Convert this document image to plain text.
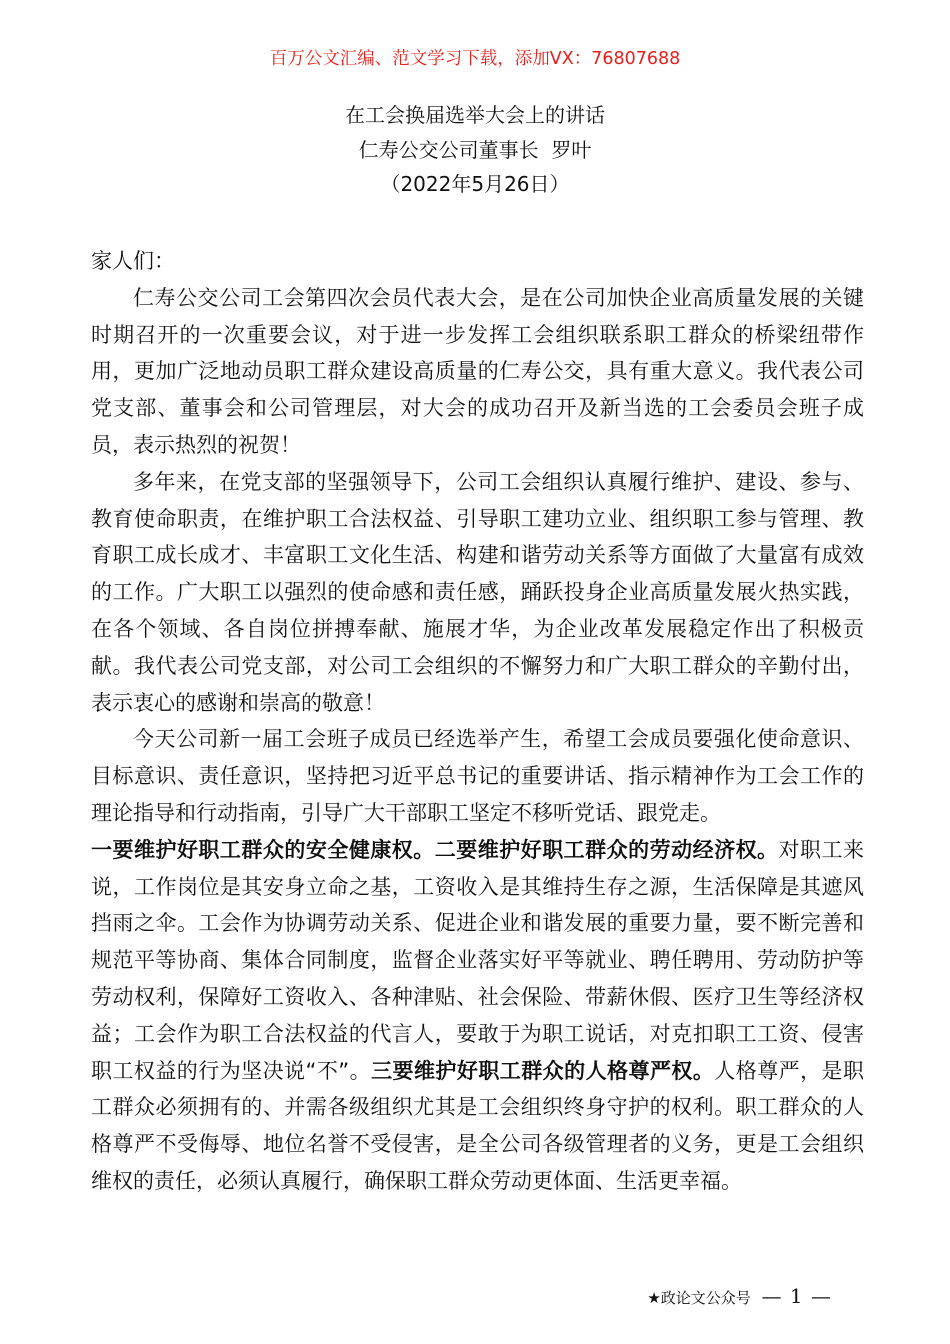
百万公文汇编、范文学习下载，添加VX：76807688
在工会换届选举大会上的讲话
仁寿公交公司董事长  罗叶
（2022年5月26日）

家人们：

仁寿公交公司工会第四次会员代表大会，是在公司加快企业高质量发展的关键时期召开的一次重要会议，对于进一步发挥工会组织联系职工群众的桥梁纽带作用，更加广泛地动员职工群众建设高质量的仁寿公交，具有重大意义。我代表公司党支部、董事会和公司管理层，对大会的成功召开及新当选的工会委员会班子成员，表示热烈的祝贺！

多年来，在党支部的坚强领导下，公司工会组织认真履行维护、建设、参与、教育使命职责，在维护职工合法权益、引导职工建功立业、组织职工参与管理、教育职工成长成才、丰富职工文化生活、构建和谐劳动关系等方面做了大量富有成效的工作。广大职工以强烈的使命感和责任感，踊跃投身企业高质量发展火热实践，在各个领域、各自岗位拼搏奉献、施展才华，为企业改革发展稳定作出了积极贡献。我代表公司党支部，对公司工会组织的不懈努力和广大职工群众的辛勤付出，表示衷心的感谢和崇高的敬意！

今天公司新一届工会班子成员已经选举产生，希望工会成员要强化使命意识、目标意识、责任意识，坚持把习近平总书记的重要讲话、指示精神作为工会工作的理论指导和行动指南，引导广大干部职工坚定不移听党话、跟党走。

一要维护好职工群众的安全健康权。二要维护好职工群众的劳动经济权。对职工来说，工作岗位是其安身立命之基，工资收入是其维持生存之源，生活保障是其遮风挡雨之伞。工会作为协调劳动关系、促进企业和谐发展的重要力量，要不断完善和规范平等协商、集体合同制度，监督企业落实好平等就业、聘任聘用、劳动防护等劳动权利，保障好工资收入、各种津贴、社会保险、带薪休假、医疗卫生等经济权益；工会作为职工合法权益的代言人，要敢于为职工说话，对克扣职工工资、侵害职工权益的行为坚决说“不”。三要维护好职工群众的人格尊严权。人格尊严，是职工群众必须拥有的、并需各级组织尤其是工会组织终身守护的权利。职工群众的人格尊严不受侮辱、地位名誉不受侵害，是全公司各级管理者的义务，更是工会组织维权的责任，必须认真履行，确保职工群众劳动更体面、生活更幸福。

★政论文公众号 — 1 —
